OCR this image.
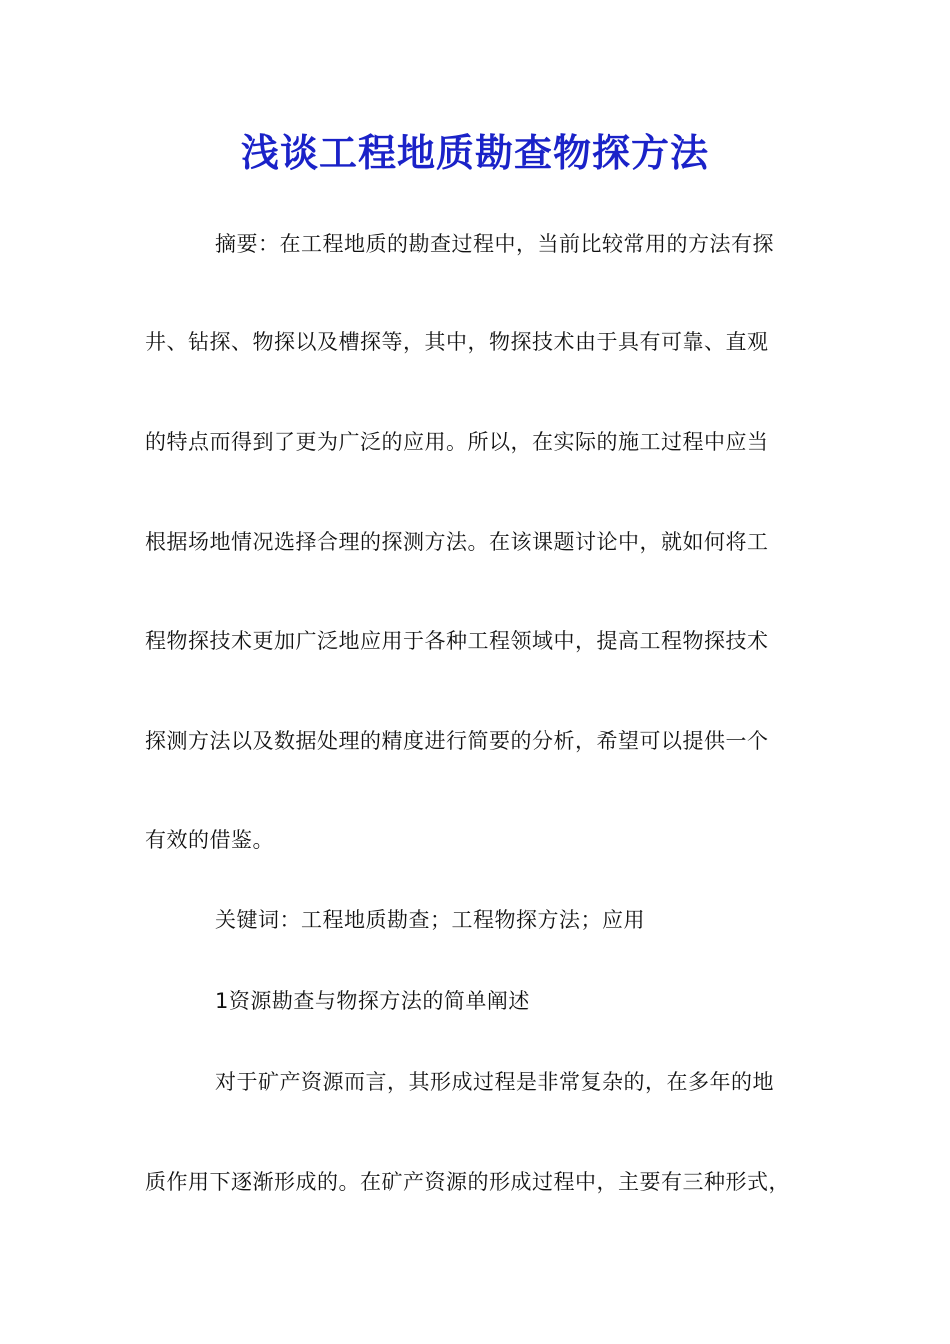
浅谈工程地质勘查物探方法
摘要：在工程地质的勘查过程中，当前比较常用的方法有探
井、钻探、物探以及槽探等，其中，物探技术由于具有可靠、直观
的特点而得到了更为广泛的应用。所以，在实际的施工过程中应当
根据场地情况选择合理的探测方法。在该课题讨论中，就如何将工
程物探技术更加广泛地应用于各种工程领域中，提高工程物探技术
探测方法以及数据处理的精度进行简要的分析，希望可以提供一个
有效的借鉴。
关键词：工程地质勘查；工程物探方法；应用
1资源勘查与物探方法的简单阐述
对于矿产资源而言，其形成过程是非常复杂的，在多年的地
质作用下逐渐形成的。在矿产资源的形成过程中，主要有三种形式，
